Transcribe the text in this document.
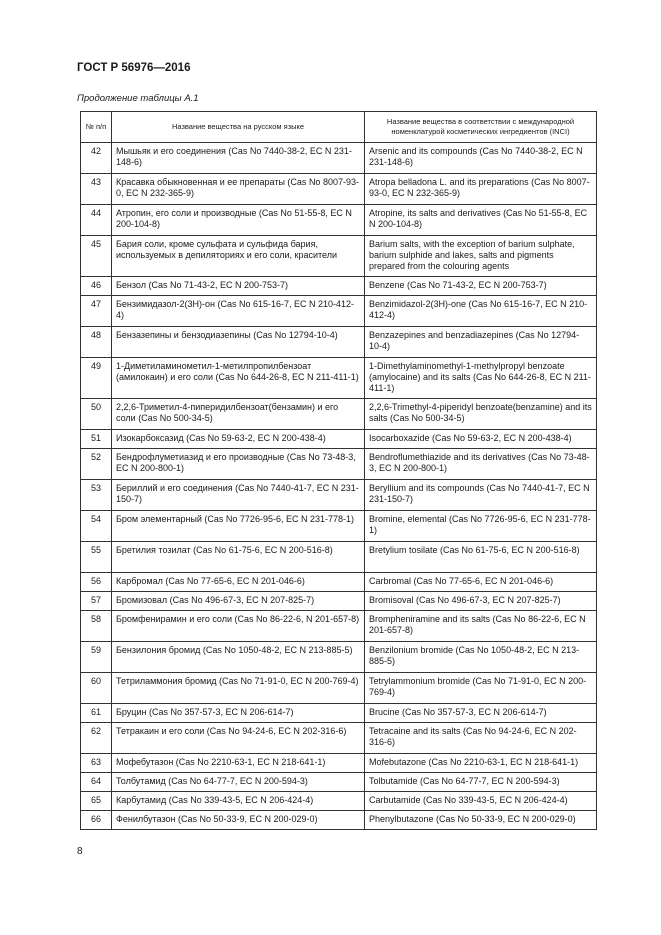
ГОСТ Р 56976—2016
Продолжение таблицы А.1
№ п/п	Название вещества на русском языке	Название вещества в соответствии с международной номенклатурой косметических ингредиентов (INCI)
42	Мышьяк и его соединения (Cas No 7440-38-2, EC N 231-148-6)	Arsenic and its compounds (Cas No 7440-38-2, EC N 231-148-6)
43	Красавка обыкновенная и ее препараты (Cas No 8007-93-0, EC N 232-365-9)	Atropa belladona L. and its preparations (Cas No 8007-93-0, EC N 232-365-9)
44	Атропин, его соли и производные (Cas No 51-55-8, EC N 200-104-8)	Atropine, its salts and derivatives (Cas No 51-55-8, EC N 200-104-8)
45	Бария соли, кроме сульфата и сульфида бария, используемых в депиляториях и его соли, красители	Barium salts, with the exception of barium sulphate, barium sulphide and lakes, salts and pigments prepared from the colouring agents
46	Бензол (Cas No 71-43-2, EC N 200-753-7)	Benzene (Cas No 71-43-2, EC N 200-753-7)
47	Бензимидазол-2(3H)-он (Cas No 615-16-7, EC N 210-412-4)	Benzimidazol-2(3H)-one (Cas No 615-16-7, EC N 210-412-4)
48	Бензазепины и бензодиазепины (Cas No 12794-10-4)	Benzazepines and benzadiazepines (Cas No 12794-10-4)
49	1-Диметиламинометил-1-метилпропилбензоат (амилокаин) и его соли (Cas No 644-26-8, EC N 211-411-1)	1-Dimethylaminomethyl-1-methylpropyl benzoate (amylocaine) and its salts (Cas No 644-26-8, EC N 211-411-1)
50	2,2,6-Триметил-4-пиперидилбензоат(бензамин) и его соли (Cas No 500-34-5)	2,2,6-Trimethyl-4-piperidyl benzoate(benzamine) and its salts (Cas No 500-34-5)
51	Изокарбоксазид (Cas No 59-63-2, EC N 200-438-4)	Isocarboxazide (Cas No 59-63-2, EC N 200-438-4)
52	Бендрофлуметиазид и его производные (Cas No 73-48-3, EC N 200-800-1)	Bendroflumethiazide and its derivatives (Cas No 73-48-3, EC N 200-800-1)
53	Бериллий и его соединения (Cas No 7440-41-7, EC N 231-150-7)	Beryllium and its compounds (Cas No 7440-41-7, EC N 231-150-7)
54	Бром элементарный (Cas No 7726-95-6, EC N 231-778-1)	Bromine, elemental (Cas No 7726-95-6, EC N 231-778-1)
55	Бретилия тозилат (Cas No 61-75-6, EC N 200-516-8)	Bretylium tosilate (Cas No 61-75-6, EC N 200-516-8)
56	Карбромал (Cas No 77-65-6, EC N 201-046-6)	Carbromal (Cas No 77-65-6, EC N 201-046-6)
57	Бромизовал (Cas No 496-67-3, EC N 207-825-7)	Bromisoval (Cas No 496-67-3, EC N 207-825-7)
58	Бромфенирамин и его соли (Cas No 86-22-6, N 201-657-8)	Brompheniramine and its salts (Cas No 86-22-6, EC N 201-657-8)
59	Бензилония бромид (Cas No 1050-48-2, EC N 213-885-5)	Benzilonium bromide (Cas No 1050-48-2, EC N 213-885-5)
60	Тетриламмония бромид (Cas No 71-91-0, EC N 200-769-4)	Tetrylammonium bromide (Cas No 71-91-0, EC N 200-769-4)
61	Бруцин (Cas No 357-57-3, EC N 206-614-7)	Brucine (Cas No 357-57-3, EC N 206-614-7)
62	Тетракаин и его соли (Cas No 94-24-6, EC N 202-316-6)	Tetracaine and its salts (Cas No 94-24-6, EC N 202-316-6)
63	Мофебутазон (Cas No 2210-63-1, EC N 218-641-1)	Mofebutazone (Cas No 2210-63-1, EC N 218-641-1)
64	Толбутамид (Cas No 64-77-7, EC N 200-594-3)	Tolbutamide (Cas No 64-77-7, EC N 200-594-3)
65	Карбутамид (Cas No 339-43-5, EC N 206-424-4)	Carbutamide (Cas No 339-43-5, EC N 206-424-4)
66	Фенилбутазон (Cas No 50-33-9, EC N 200-029-0)	Phenylbutazone (Cas No 50-33-9, EC N 200-029-0)
8
